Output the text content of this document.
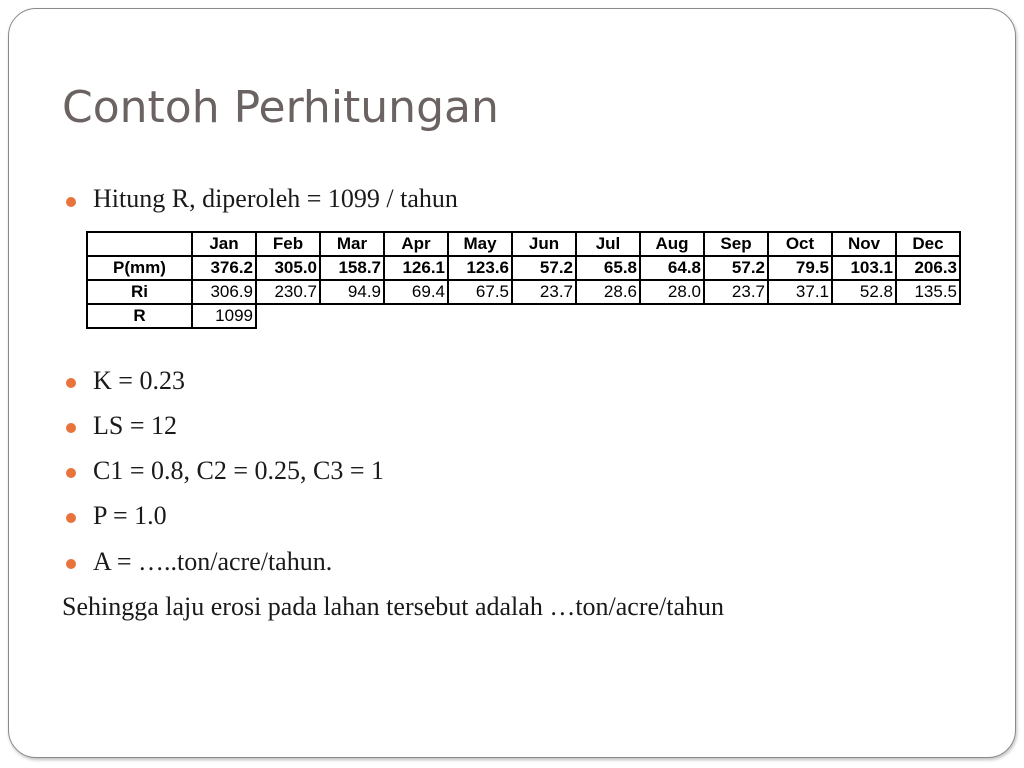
Contoh Perhitungan
Hitung R, diperoleh = 1099 / tahun
	Jan	Feb	Mar	Apr	May	Jun	Jul	Aug	Sep	Oct	Nov	Dec
P(mm)	376.2	305.0	158.7	126.1	123.6	57.2	65.8	64.8	57.2	79.5	103.1	206.3
Ri	306.9	230.7	94.9	69.4	67.5	23.7	28.6	28.0	23.7	37.1	52.8	135.5
R	1099											
K = 0.23
LS = 12
C1 = 0.8, C2 = 0.25, C3 = 1
P = 1.0
A = …..ton/acre/tahun.
Sehingga laju erosi pada lahan tersebut adalah …ton/acre/tahun
